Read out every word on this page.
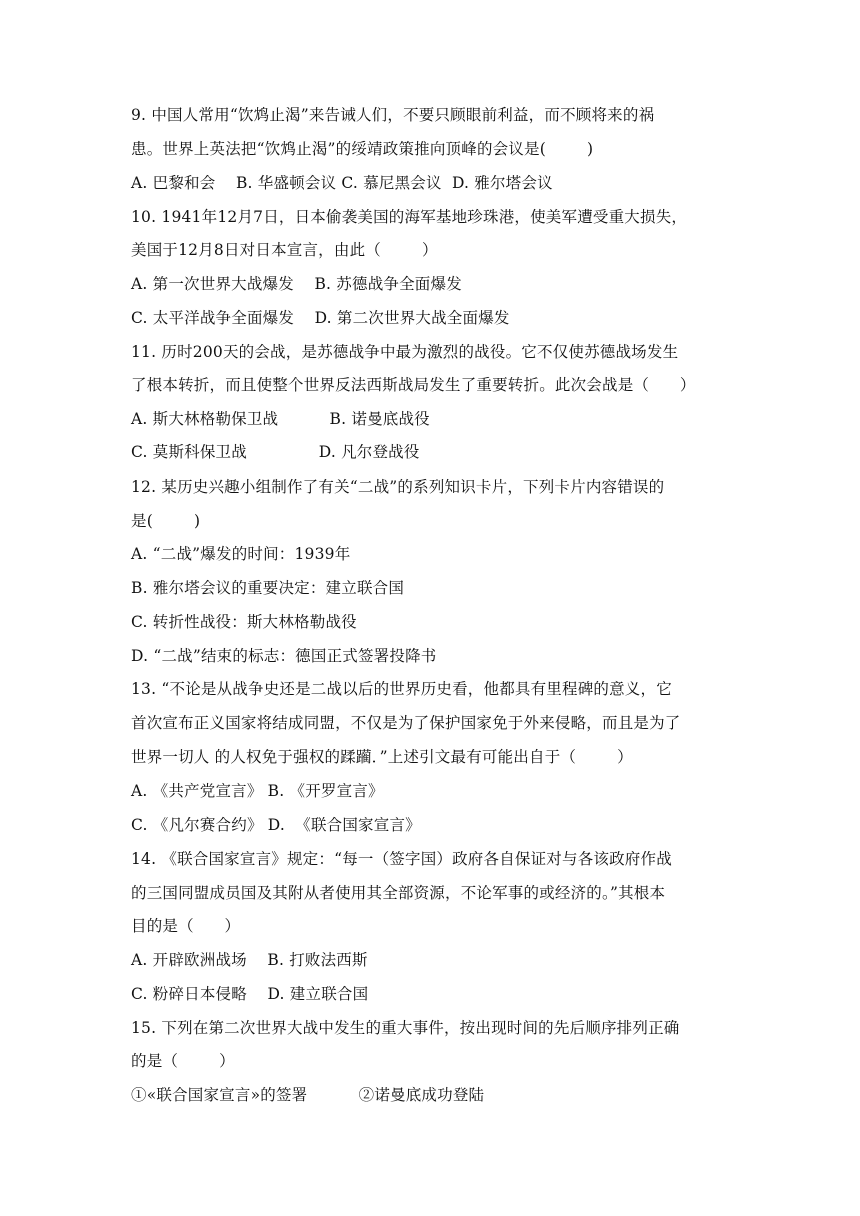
9. 中国人常用“饮鸩止渴”来告诫人们，不要只顾眼前利益，而不顾将来的祸
患。世界上英法把“饮鸩止渴”的绥靖政策推向顶峰的会议是(        )
A. 巴黎和会    B. 华盛顿会议 C. 慕尼黑会议  D. 雅尔塔会议
10. 1941年12月7日，日本偷袭美国的海军基地珍珠港，使美军遭受重大损失，
美国于12月8日对日本宣言，由此（        ）
A. 第一次世界大战爆发    B. 苏德战争全面爆发
C. 太平洋战争全面爆发    D. 第二次世界大战全面爆发
11. 历时200天的会战，是苏德战争中最为激烈的战役。它不仅使苏德战场发生
了根本转折，而且使整个世界反法西斯战局发生了重要转折。此次会战是（      ）
A. 斯大林格勒保卫战          B. 诺曼底战役
C. 莫斯科保卫战              D. 凡尔登战役
12. 某历史兴趣小组制作了有关“二战”的系列知识卡片，下列卡片内容错误的
是(        )
A. “二战”爆发的时间：1939年
B. 雅尔塔会议的重要决定：建立联合国
C. 转折性战役：斯大林格勒战役
D. “二战”结束的标志：德国正式签署投降书
13. “不论是从战争史还是二战以后的世界历史看，他都具有里程碑的意义，它
首次宣布正义国家将结成同盟，不仅是为了保护国家免于外来侵略，而且是为了
世界一切人 的人权免于强权的蹂躏．”上述引文最有可能出自于（        ）
A. 《共产党宣言》 B. 《开罗宣言》
C. 《凡尔赛合约》 D.  《联合国家宣言》
14. 《联合国家宣言》规定：“每一（签字国）政府各自保证对与各该政府作战
的三国同盟成员国及其附从者使用其全部资源，不论军事的或经济的。”其根本
目的是（      ）
A. 开辟欧洲战场    B. 打败法西斯
C. 粉碎日本侵略    D. 建立联合国
15. 下列在第二次世界大战中发生的重大事件，按出现时间的先后顺序排列正确
的是（        ）
①«联合国家宣言»的签署          ②诺曼底成功登陆
